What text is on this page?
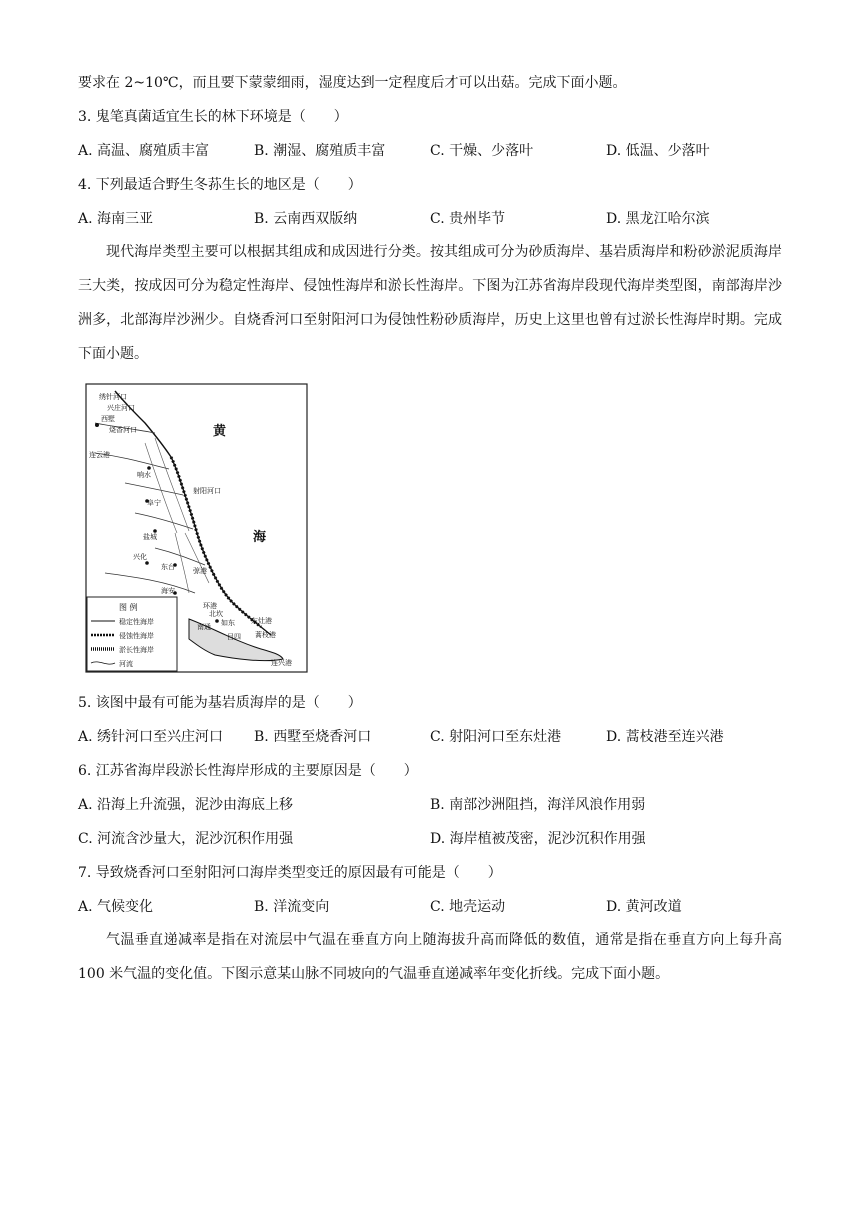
要求在 2~10℃，而且要下蒙蒙细雨，湿度达到一定程度后才可以出菇。完成下面小题。
3. 鬼笔真菌适宜生长的林下环境是（　　）
A. 高温、腐殖质丰富	B. 潮湿、腐殖质丰富	C. 干燥、少落叶	D. 低温、少落叶
4. 下列最适合野生冬荪生长的地区是（　　）
A. 海南三亚	B. 云南西双版纳	C. 贵州毕节	D. 黑龙江哈尔滨
现代海岸类型主要可以根据其组成和成因进行分类。按其组成可分为砂质海岸、基岩质海岸和粉砂淤泥质海岸三大类，按成因可分为稳定性海岸、侵蚀性海岸和淤长性海岸。下图为江苏省海岸段现代海岸类型图，南部海岸沙洲多，北部海岸沙洲少。自烧香河口至射阳河口为侵蚀性粉砂质海岸，历史上这里也曾有过淤长性海岸时期。完成下面小题。
黄
海
绣针河口
兴庄河口
西墅
烧香河口
连云港
响水
射阳河口
阜宁
盐城
兴化
东台	弶港
海安
环港
北坎
南通 如东 东灶港
吕四 蒿枝港
连兴港
图 例
稳定性海岸
侵蚀性海岸
淤长性海岸
河流
5. 该图中最有可能为基岩质海岸的是（　　）
A. 绣针河口至兴庄河口 B. 西墅至烧香河口	C. 射阳河口至东灶港	D. 蒿枝港至连兴港
6. 江苏省海岸段淤长性海岸形成的主要原因是（　　）
A. 沿海上升流强，泥沙由海底上移	B. 南部沙洲阻挡，海洋风浪作用弱
C. 河流含沙量大，泥沙沉积作用强	D. 海岸植被茂密，泥沙沉积作用强
7. 导致烧香河口至射阳河口海岸类型变迁的原因最有可能是（　　）
A. 气候变化	B. 洋流变向	C. 地壳运动	D. 黄河改道
气温垂直递减率是指在对流层中气温在垂直方向上随海拔升高而降低的数值，通常是指在垂直方向上每升高 100 米气温的变化值。下图示意某山脉不同坡向的气温垂直递减率年变化折线。完成下面小题。
